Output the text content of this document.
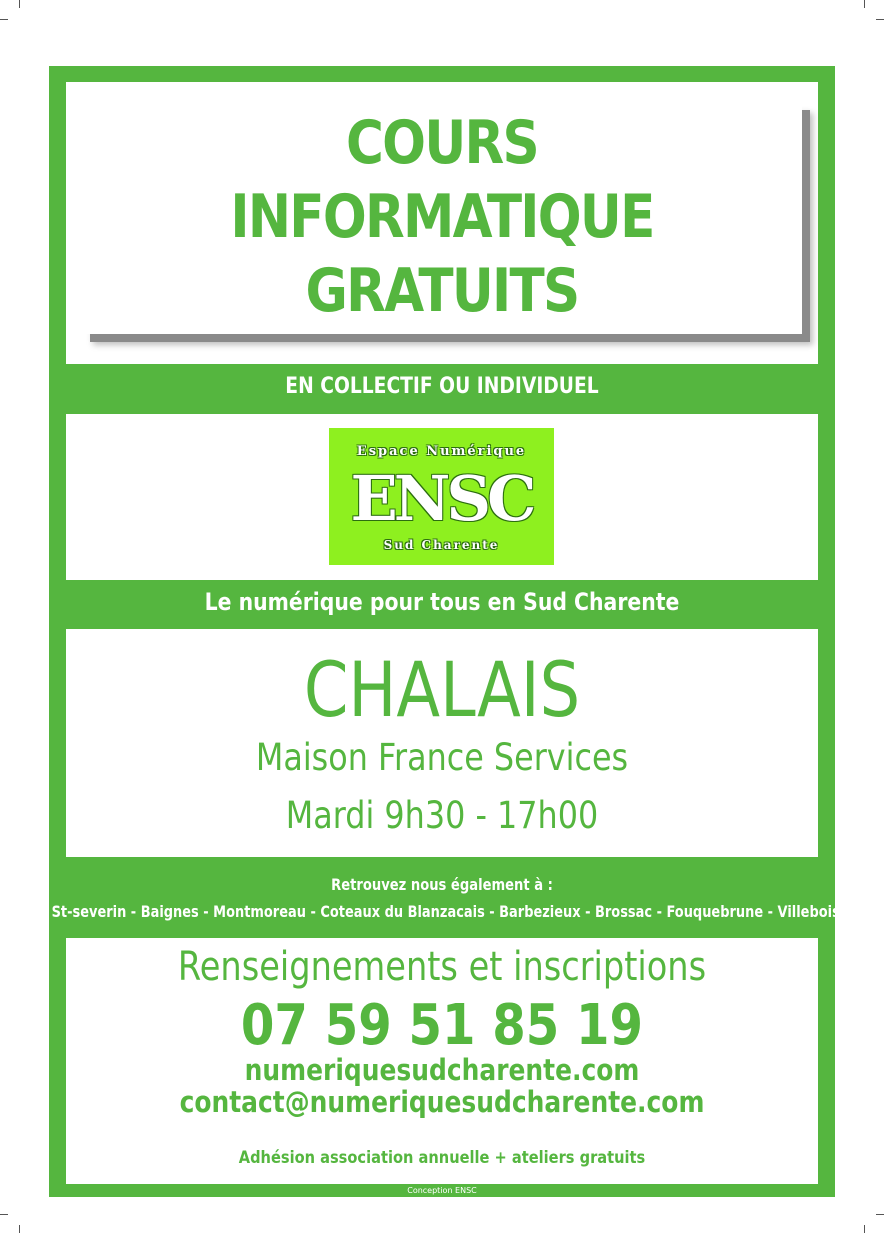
COURS
INFORMATIQUE
GRATUITS
EN COLLECTIF OU INDIVIDUEL
Espace Numérique
ENSC
Sud Charente
Le numérique pour tous en Sud Charente
CHALAIS
Maison France Services
Mardi 9h30 - 17h00
Retrouvez nous également à :
St-severin - Baignes - Montmoreau - Coteaux du Blanzacais - Barbezieux - Brossac - Fouquebrune - Villebois
Renseignements et inscriptions
07 59 51 85 19
numeriquesudcharente.com
contact@numeriquesudcharente.com
Adhésion association annuelle + ateliers gratuits
Conception ENSC
